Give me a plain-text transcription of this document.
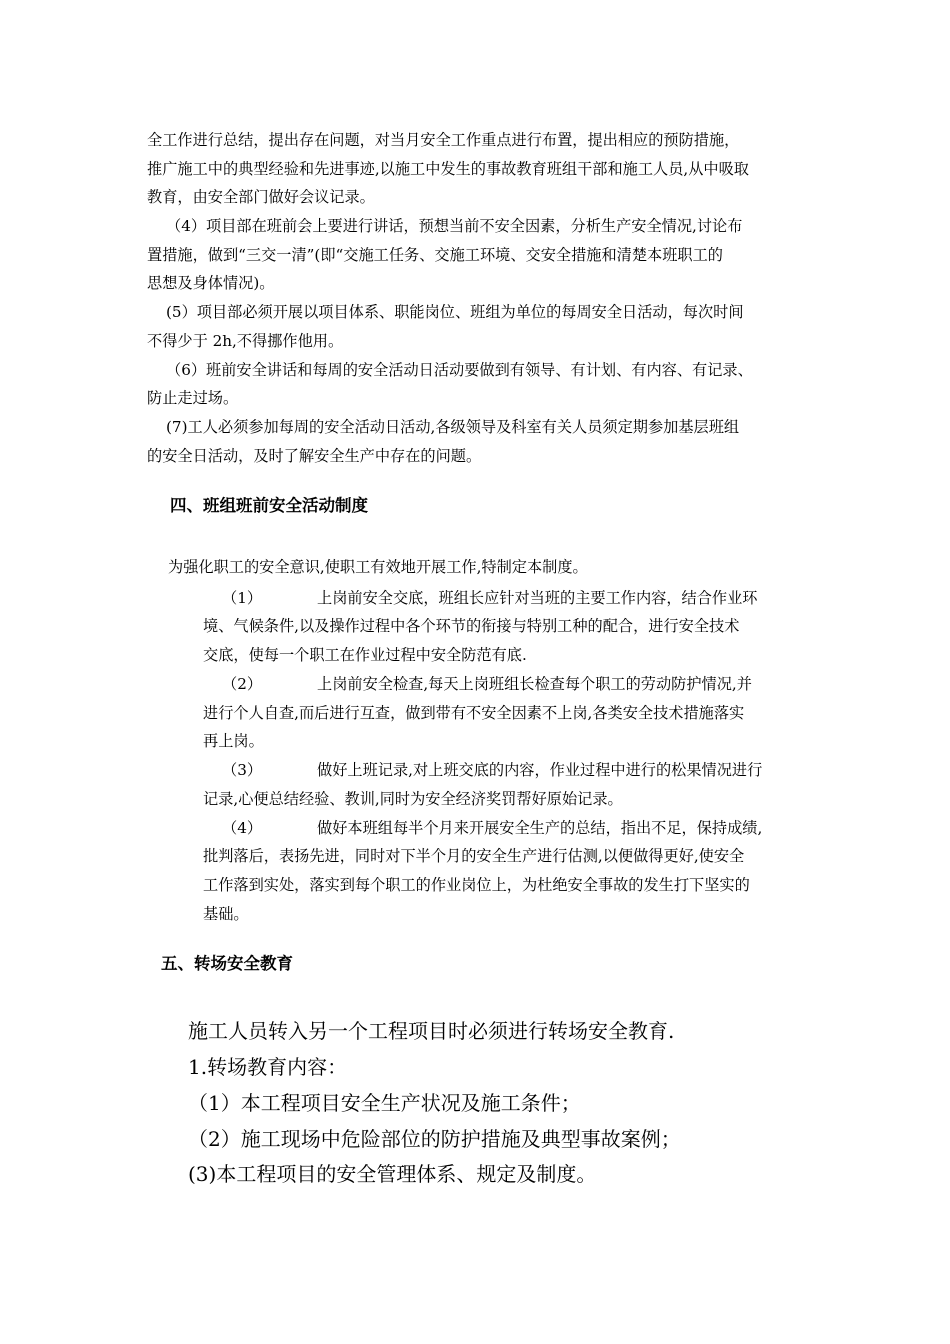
全工作进行总结，提出存在问题，对当月安全工作重点进行布置，提出相应的预防措施，
推广施工中的典型经验和先进事迹,以施工中发生的事故教育班组干部和施工人员,从中吸取
教育，由安全部门做好会议记录。
（4）项目部在班前会上要进行讲话，预想当前不安全因素，分析生产安全情况,讨论布
置措施，做到“三交一清”(即“交施工任务、交施工环境、交安全措施和清楚本班职工的
思想及身体情况)。
(5）项目部必须开展以项目体系、职能岗位、班组为单位的每周安全日活动，每次时间
不得少于 2h,不得挪作他用。
（6）班前安全讲话和每周的安全活动日活动要做到有领导、有计划、有内容、有记录、
防止走过场。
(7)工人必须参加每周的安全活动日活动,各级领导及科室有关人员须定期参加基层班组
的安全日活动，及时了解安全生产中存在的问题。
四、班组班前安全活动制度
为强化职工的安全意识,使职工有效地开展工作,特制定本制度。
（1）	上岗前安全交底，班组长应针对当班的主要工作内容，结合作业环
境、气候条件,以及操作过程中各个环节的衔接与特别工种的配合，进行安全技术
交底，使每一个职工在作业过程中安全防范有底.
（2）	上岗前安全检查,每天上岗班组长检查每个职工的劳动防护情况,并
进行个人自查,而后进行互查，做到带有不安全因素不上岗,各类安全技术措施落实
再上岗。
（3）	做好上班记录,对上班交底的内容，作业过程中进行的松果情况进行
记录,心便总结经验、教训,同时为安全经济奖罚帮好原始记录。
（4）	做好本班组每半个月来开展安全生产的总结，指出不足，保持成绩,
批判落后，表扬先进，同时对下半个月的安全生产进行估测,以便做得更好,使安全
工作落到实处，落实到每个职工的作业岗位上，为杜绝安全事故的发生打下坚实的
基础。
五、转场安全教育
施工人员转入另一个工程项目时必须进行转场安全教育.
1.转场教育内容：
（1）本工程项目安全生产状况及施工条件；
（2）施工现场中危险部位的防护措施及典型事故案例；
(3)本工程项目的安全管理体系、规定及制度。
